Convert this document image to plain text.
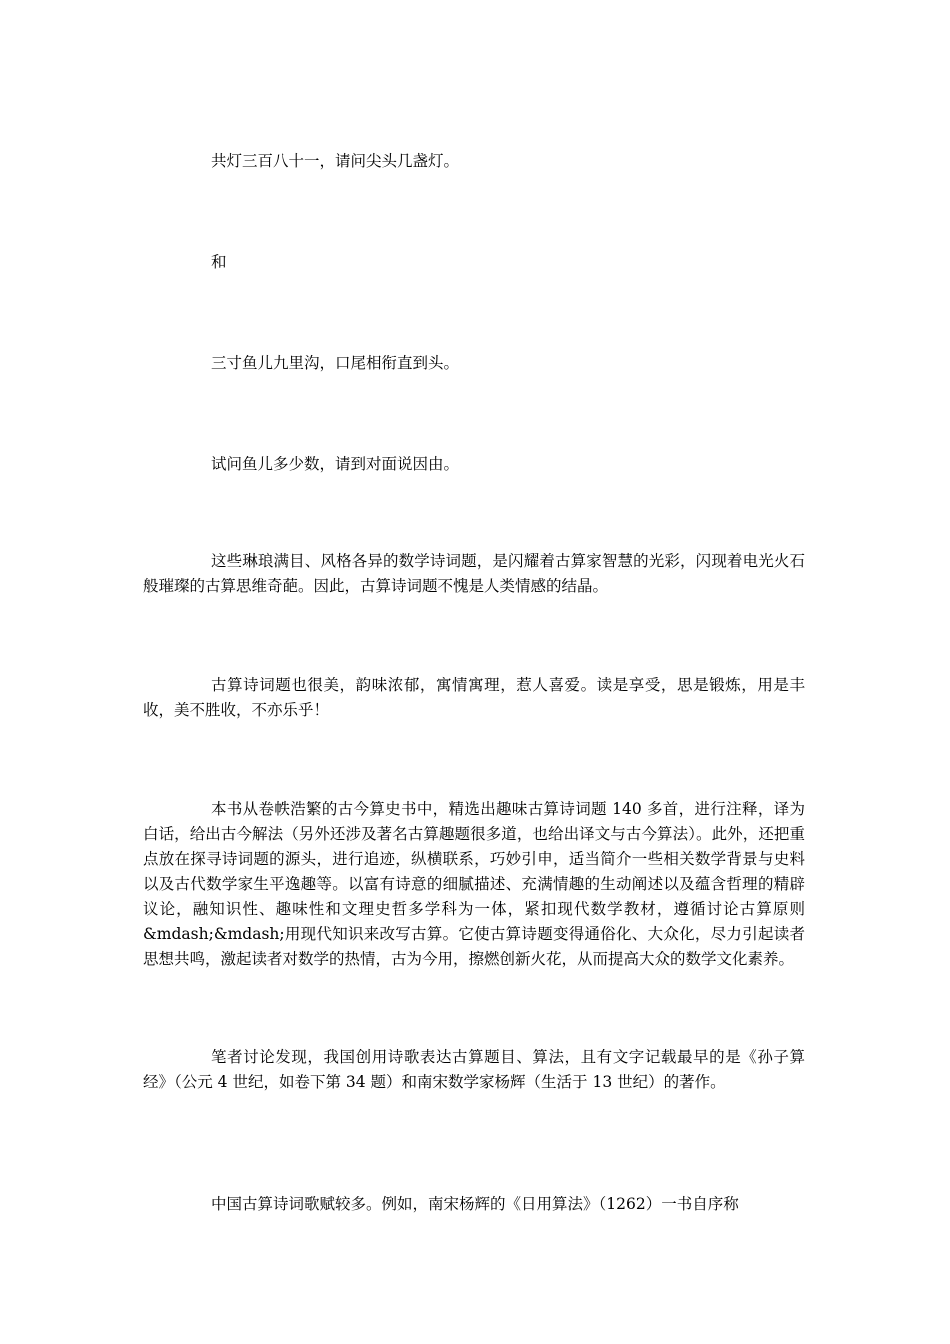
共灯三百八十一，请问尖头几盏灯。

和

三寸鱼儿九里沟，口尾相衔直到头。

试问鱼儿多少数，请到对面说因由。

这些琳琅满目、风格各异的数学诗词题，是闪耀着古算家智慧的光彩，闪现着电光火石般璀璨的古算思维奇葩。因此，古算诗词题不愧是人类情感的结晶。

古算诗词题也很美，韵味浓郁，寓情寓理，惹人喜爱。读是享受，思是锻炼，用是丰收，美不胜收，不亦乐乎！

本书从卷帙浩繁的古今算史书中，精选出趣味古算诗词题 140 多首，进行注释，译为白话，给出古今解法（另外还涉及著名古算趣题很多道，也给出译文与古今算法）。此外，还把重点放在探寻诗词题的源头，进行追迹，纵横联系，巧妙引申，适当简介一些相关数学背景与史料以及古代数学家生平逸趣等。以富有诗意的细腻描述、充满情趣的生动阐述以及蕴含哲理的精辟议论，融知识性、趣味性和文理史哲多学科为一体，紧扣现代数学教材，遵循讨论古算原则&mdash;&mdash;用现代知识来改写古算。它使古算诗题变得通俗化、大众化，尽力引起读者思想共鸣，激起读者对数学的热情，古为今用，擦燃创新火花，从而提高大众的数学文化素养。

笔者讨论发现，我国创用诗歌表达古算题目、算法，且有文字记载最早的是《孙子算经》（公元 4 世纪，如卷下第 34 题）和南宋数学家杨辉（生活于 13 世纪）的著作。

中国古算诗词歌赋较多。例如，南宋杨辉的《日用算法》（1262）一书自序称
